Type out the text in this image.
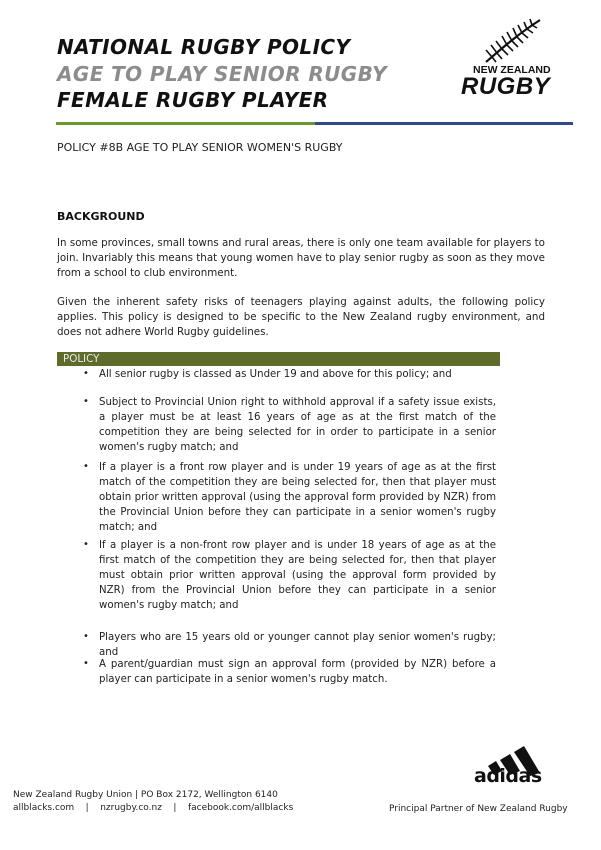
NATIONAL RUGBY POLICY
AGE TO PLAY SENIOR RUGBY
FEMALE RUGBY PLAYER
NEW ZEALAND
RUGBY
POLICY #8B AGE TO PLAY SENIOR WOMEN'S RUGBY
BACKGROUND

In some provinces, small towns and rural areas, there is only one team available for players to join. Invariably this means that young women have to play senior rugby as soon as they move from a school to club environment.

Given the inherent safety risks of teenagers playing against adults, the following policy applies. This policy is designed to be specific to the New Zealand rugby environment, and does not adhere World Rugby guidelines.

POLICY
• All senior rugby is classed as Under 19 and above for this policy; and

• Subject to Provincial Union right to withhold approval if a safety issue exists, a player must be at least 16 years of age as at the first match of the competition they are being selected for in order to participate in a senior women's rugby match; and

• If a player is a front row player and is under 19 years of age as at the first match of the competition they are being selected for, then that player must obtain prior written approval (using the approval form provided by NZR) from the Provincial Union before they can participate in a senior women's rugby match; and

• If a player is a non-front row player and is under 18 years of age as at the first match of the competition they are being selected for, then that player must obtain prior written approval (using the approval form provided by NZR) from the Provincial Union before they can participate in a senior women's rugby match; and

• Players who are 15 years old or younger cannot play senior women's rugby; and

• A parent/guardian must sign an approval form (provided by NZR) before a player can participate in a senior women's rugby match.

New Zealand Rugby Union | PO Box 2172, Wellington 6140
allblacks.com | nzrugby.co.nz | facebook.com/allblacks
adidas
Principal Partner of New Zealand Rugby
